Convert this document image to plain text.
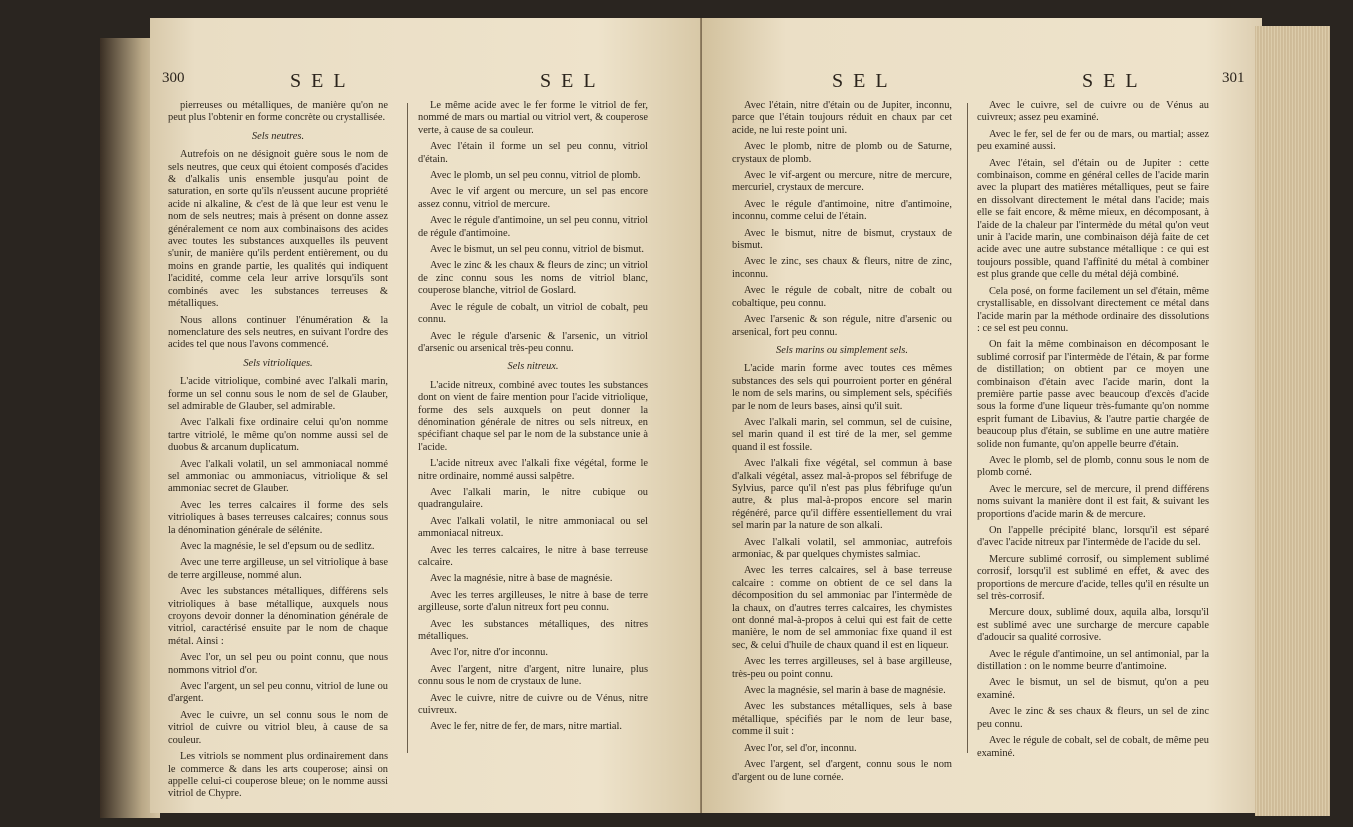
300	SEL	SEL

pierreuses ou métalliques, de manière qu'on ne peut plus l'obtenir en forme concrète ou crystallisée.

Sels neutres.

Autrefois on ne désignoit guère sous le nom de sels neutres, que ceux qui étoient composés d'acides & d'alkalis unis ensemble jusqu'au point de saturation, en sorte qu'ils n'eussent aucune propriété acide ni alkaline, & c'est de là que leur est venu le nom de sels neutres; mais à présent on donne assez généralement ce nom aux combinaisons des acides avec toutes les substances auxquelles ils peuvent s'unir, de manière qu'ils perdent entièrement, ou du moins en grande partie, les qualités qui indiquent l'acidité, comme cela leur arrive lorsqu'ils sont combinés avec les substances terreuses & métalliques.

Nous allons continuer l'énumération & la nomenclature des sels neutres, en suivant l'ordre des acides tel que nous l'avons commencé.

Sels vitrioliques.

L'acide vitriolique, combiné avec l'alkali marin, forme un sel connu sous le nom de sel de Glauber, sel admirable de Glauber, sel admirable.

Avec l'alkali fixe ordinaire celui qu'on nomme tartre vitriolé, le même qu'on nomme aussi sel de duobus & arcanum duplicatum.

Avec l'alkali volatil, un sel ammoniacal nommé sel ammoniac ou ammoniacus, vitriolique & sel ammoniac secret de Glauber.

Avec les terres calcaires il forme des sels vitrioliques à bases terreuses calcaires; connus sous la dénomination générale de sélénite.

Avec la magnésie, le sel d'epsum ou de sedlitz.

Avec une terre argilleuse, un sel vitriolique à base de terre argilleuse, nommé alun.

Avec les substances métalliques, différens sels vitrioliques à base métallique, auxquels nous croyons devoir donner la dénomination générale de vitriol, caractérisé ensuite par le nom de chaque métal. Ainsi :

Avec l'or, un sel peu ou point connu, que nous nommons vitriol d'or.

Avec l'argent, un sel peu connu, vitriol de lune ou d'argent.

Avec le cuivre, un sel connu sous le nom de vitriol de cuivre ou vitriol bleu, à cause de sa couleur.

Les vitriols se nomment plus ordinairement dans le commerce & dans les arts couperose; ainsi on appelle celui-ci couperose bleue; on le nomme aussi vitriol de Chypre.

Le même acide avec le fer forme le vitriol de fer, nommé de mars ou martial ou vitriol vert, & couperose verte, à cause de sa couleur.

Avec l'étain il forme un sel peu connu, vitriol d'étain.

Avec le plomb, un sel peu connu, vitriol de plomb.

Avec le vif argent ou mercure, un sel pas encore assez connu, vitriol de mercure.

Avec le régule d'antimoine, un sel peu connu, vitriol de régule d'antimoine.

Avec le bismut, un sel peu connu, vitriol de bismut.

Avec le zinc & les chaux & fleurs de zinc; un vitriol de zinc connu sous les noms de vitriol blanc, couperose blanche, vitriol de Goslard.

Avec le régule de cobalt, un vitriol de cobalt, peu connu.

Avec le régule d'arsenic & l'arsenic, un vitriol d'arsenic ou arsenical très-peu connu.

Sels nitreux.

L'acide nitreux, combiné avec toutes les substances dont on vient de faire mention pour l'acide vitriolique, forme des sels auxquels on peut donner la dénomination générale de nitres ou sels nitreux, en spécifiant chaque sel par le nom de la substance unie à l'acide.

L'acide nitreux avec l'alkali fixe végétal, forme le nitre ordinaire, nommé aussi salpêtre.

Avec l'alkali marin, le nitre cubique ou quadrangulaire.

Avec l'alkali volatil, le nitre ammoniacal ou sel ammoniacal nitreux.

Avec les terres calcaires, le nitre à base terreuse calcaire.

Avec la magnésie, nitre à base de magnésie.

Avec les terres argilleuses, le nitre à base de terre argilleuse, sorte d'alun nitreux fort peu connu.

Avec les substances métalliques, des nitres métalliques.

Avec l'or, nitre d'or inconnu.

Avec l'argent, nitre d'argent, nitre lunaire, plus connu sous le nom de crystaux de lune.

Avec le cuivre, nitre de cuivre ou de Vénus, nitre cuivreux.

Avec le fer, nitre de fer, de mars, nitre martial.

SEL	SEL	301

Avec l'étain, nitre d'étain ou de Jupiter, inconnu, parce que l'étain toujours réduit en chaux par cet acide, ne lui reste point uni.

Avec le plomb, nitre de plomb ou de Saturne, crystaux de plomb.

Avec le vif-argent ou mercure, nitre de mercure, mercuriel, crystaux de mercure.

Avec le régule d'antimoine, nitre d'antimoine, inconnu, comme celui de l'étain.

Avec le bismut, nitre de bismut, crystaux de bismut.

Avec le zinc, ses chaux & fleurs, nitre de zinc, inconnu.

Avec le régule de cobalt, nitre de cobalt ou cobaltique, peu connu.

Avec l'arsenic & son régule, nitre d'arsenic ou arsenical, fort peu connu.

Sels marins ou simplement sels.

L'acide marin forme avec toutes ces mêmes substances des sels qui pourroient porter en général le nom de sels marins, ou simplement sels, spécifiés par le nom de leurs bases, ainsi qu'il suit.

Avec l'alkali marin, sel commun, sel de cuisine, sel marin quand il est tiré de la mer, sel gemme quand il est fossile.

Avec l'alkali fixe végétal, sel commun à base d'alkali végétal, assez mal-à-propos sel fébrifuge de Sylvius, parce qu'il n'est pas plus fébrifuge qu'un autre, & plus mal-à-propos encore sel marin régénéré, parce qu'il diffère essentiellement du vrai sel marin par la nature de son alkali.

Avec l'alkali volatil, sel ammoniac, autrefois armoniac, & par quelques chymistes salmiac.

Avec les terres calcaires, sel à base terreuse calcaire : comme on obtient de ce sel dans la décomposition du sel ammoniac par l'intermède de la chaux, on d'autres terres calcaires, les chymistes ont donné mal-à-propos à celui qui est fait de cette manière, le nom de sel ammoniac fixe quand il est sec, & celui d'huile de chaux quand il est en liqueur.

Avec les terres argilleuses, sel à base argilleuse, très-peu ou point connu.

Avec la magnésie, sel marin à base de magnésie.

Avec les substances métalliques, sels à base métallique, spécifiés par le nom de leur base, comme il suit :

Avec l'or, sel d'or, inconnu.

Avec l'argent, sel d'argent, connu sous le nom d'argent ou de lune cornée.

Avec le cuivre, sel de cuivre ou de Vénus au cuivreux; assez peu examiné.

Avec le fer, sel de fer ou de mars, ou martial; assez peu examiné aussi.

Avec l'étain, sel d'étain ou de Jupiter : cette combinaison, comme en général celles de l'acide marin avec la plupart des matières métalliques, peut se faire en dissolvant directement le métal dans l'acide; mais elle se fait encore, & même mieux, en décomposant, à l'aide de la chaleur par l'intermède du métal qu'on veut unir à l'acide marin, une combinaison déjà faite de cet acide avec une autre substance métallique : ce qui est toujours possible, quand l'affinité du métal à combiner est plus grande que celle du métal déjà combiné.

Cela posé, on forme facilement un sel d'étain, même crystallisable, en dissolvant directement ce métal dans l'acide marin par la méthode ordinaire des dissolutions : ce sel est peu connu.

On fait la même combinaison en décomposant le sublimé corrosif par l'intermède de l'étain, & par forme de distillation; on obtient par ce moyen une combinaison d'étain avec l'acide marin, dont la première partie passe avec beaucoup d'excès d'acide sous la forme d'une liqueur très-fumante qu'on nomme esprit fumant de Libavius, & l'autre partie chargée de beaucoup plus d'étain, se sublime en une autre matière solide non fumante, qu'on appelle beurre d'étain.

Avec le plomb, sel de plomb, connu sous le nom de plomb corné.

Avec le mercure, sel de mercure, il prend différens noms suivant la manière dont il est fait, & suivant les proportions d'acide marin & de mercure.

On l'appelle précipité blanc, lorsqu'il est séparé d'avec l'acide nitreux par l'intermède de l'acide du sel.

Mercure sublimé corrosif, ou simplement sublimé corrosif, lorsqu'il est sublimé en effet, & avec des proportions de mercure d'acide, telles qu'il en résulte un sel très-corrosif.

Mercure doux, sublimé doux, aquila alba, lorsqu'il est sublimé avec une surcharge de mercure capable d'adoucir sa qualité corrosive.

Avec le régule d'antimoine, un sel antimonial, par la distillation : on le nomme beurre d'antimoine.

Avec le bismut, un sel de bismut, qu'on a peu examiné.

Avec le zinc & ses chaux & fleurs, un sel de zinc peu connu.

Avec le régule de cobalt, sel de cobalt, de même peu examiné.
